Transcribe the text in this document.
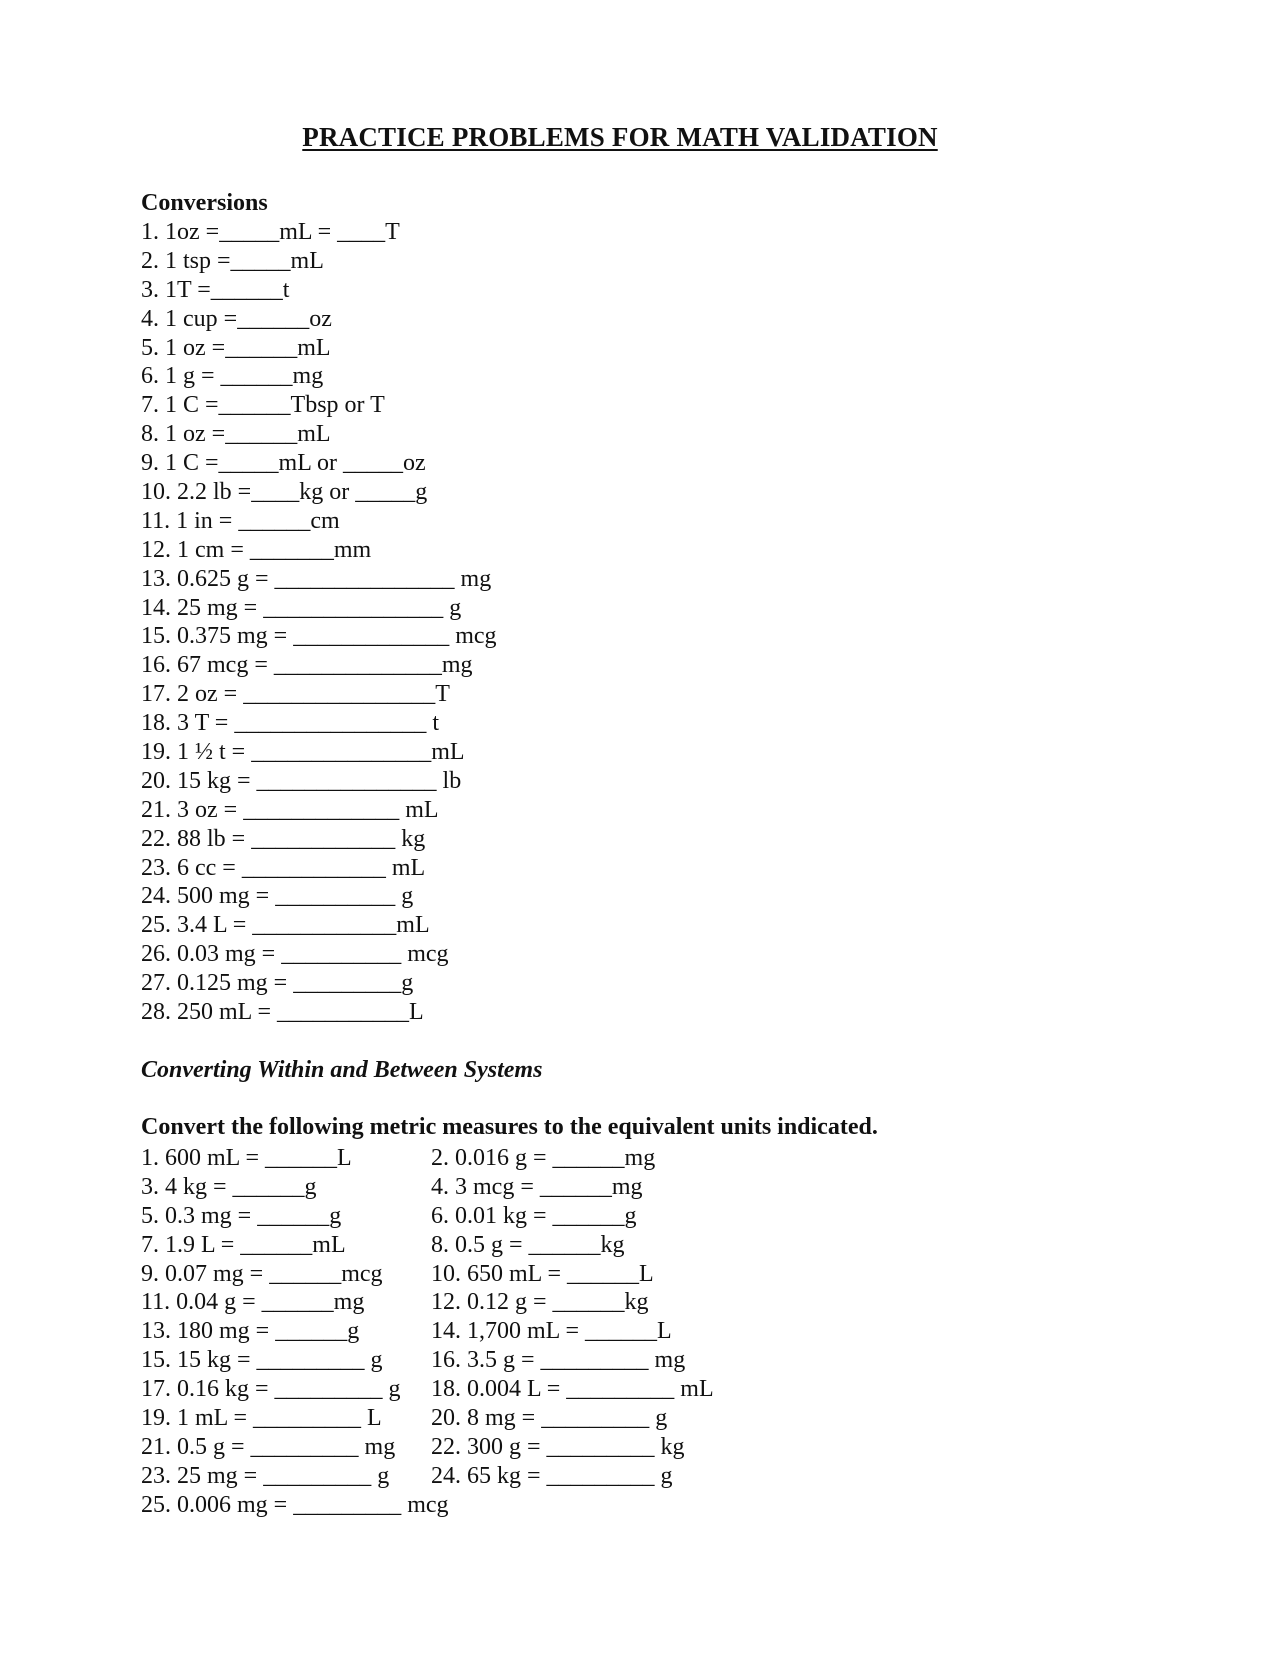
PRACTICE PROBLEMS FOR MATH VALIDATION
Conversions
1. 1oz =_____mL = ____T
2. 1 tsp =_____mL
3. 1T =______t
4. 1 cup =______oz
5. 1 oz =______mL
6. 1 g = ______mg
7. 1 C =______Tbsp or T
8. 1 oz =______mL
9. 1 C =_____mL or _____oz
10. 2.2 lb =____kg or _____g
11. 1 in = ______cm
12. 1 cm = _______mm
13. 0.625 g = _______________ mg
14. 25 mg = _______________ g
15. 0.375 mg = _____________ mcg
16. 67 mcg = ______________mg
17. 2 oz = ________________T
18. 3 T = ________________ t
19. 1 ½ t = _______________mL
20. 15 kg = _______________ lb
21. 3 oz = _____________ mL
22. 88 lb = ____________ kg
23. 6 cc = ____________ mL
24. 500 mg = __________ g
25. 3.4 L = ____________mL
26. 0.03 mg = __________ mcg
27. 0.125 mg = _________g
28. 250 mL = ___________L
Converting Within and Between Systems
Convert the following metric measures to the equivalent units indicated.
1. 600 mL = ______L
3. 4 kg = ______g
5. 0.3 mg = ______g
7. 1.9 L = ______mL
9. 0.07 mg = ______mcg
11. 0.04 g = ______mg
13. 180 mg = ______g
15. 15 kg = _________ g
17. 0.16 kg = _________ g
19. 1 mL = _________ L
21. 0.5 g = _________ mg
23. 25 mg = _________ g
25. 0.006 mg = _________ mcg
2. 0.016 g = ______mg
4. 3 mcg = ______mg
6. 0.01 kg = ______g
8. 0.5 g = ______kg
10. 650 mL = ______L
12. 0.12 g = ______kg
14. 1,700 mL = ______L
16. 3.5 g = _________ mg
18. 0.004 L = _________ mL
20. 8 mg = _________ g
22. 300 g = _________ kg
24. 65 kg = _________ g
